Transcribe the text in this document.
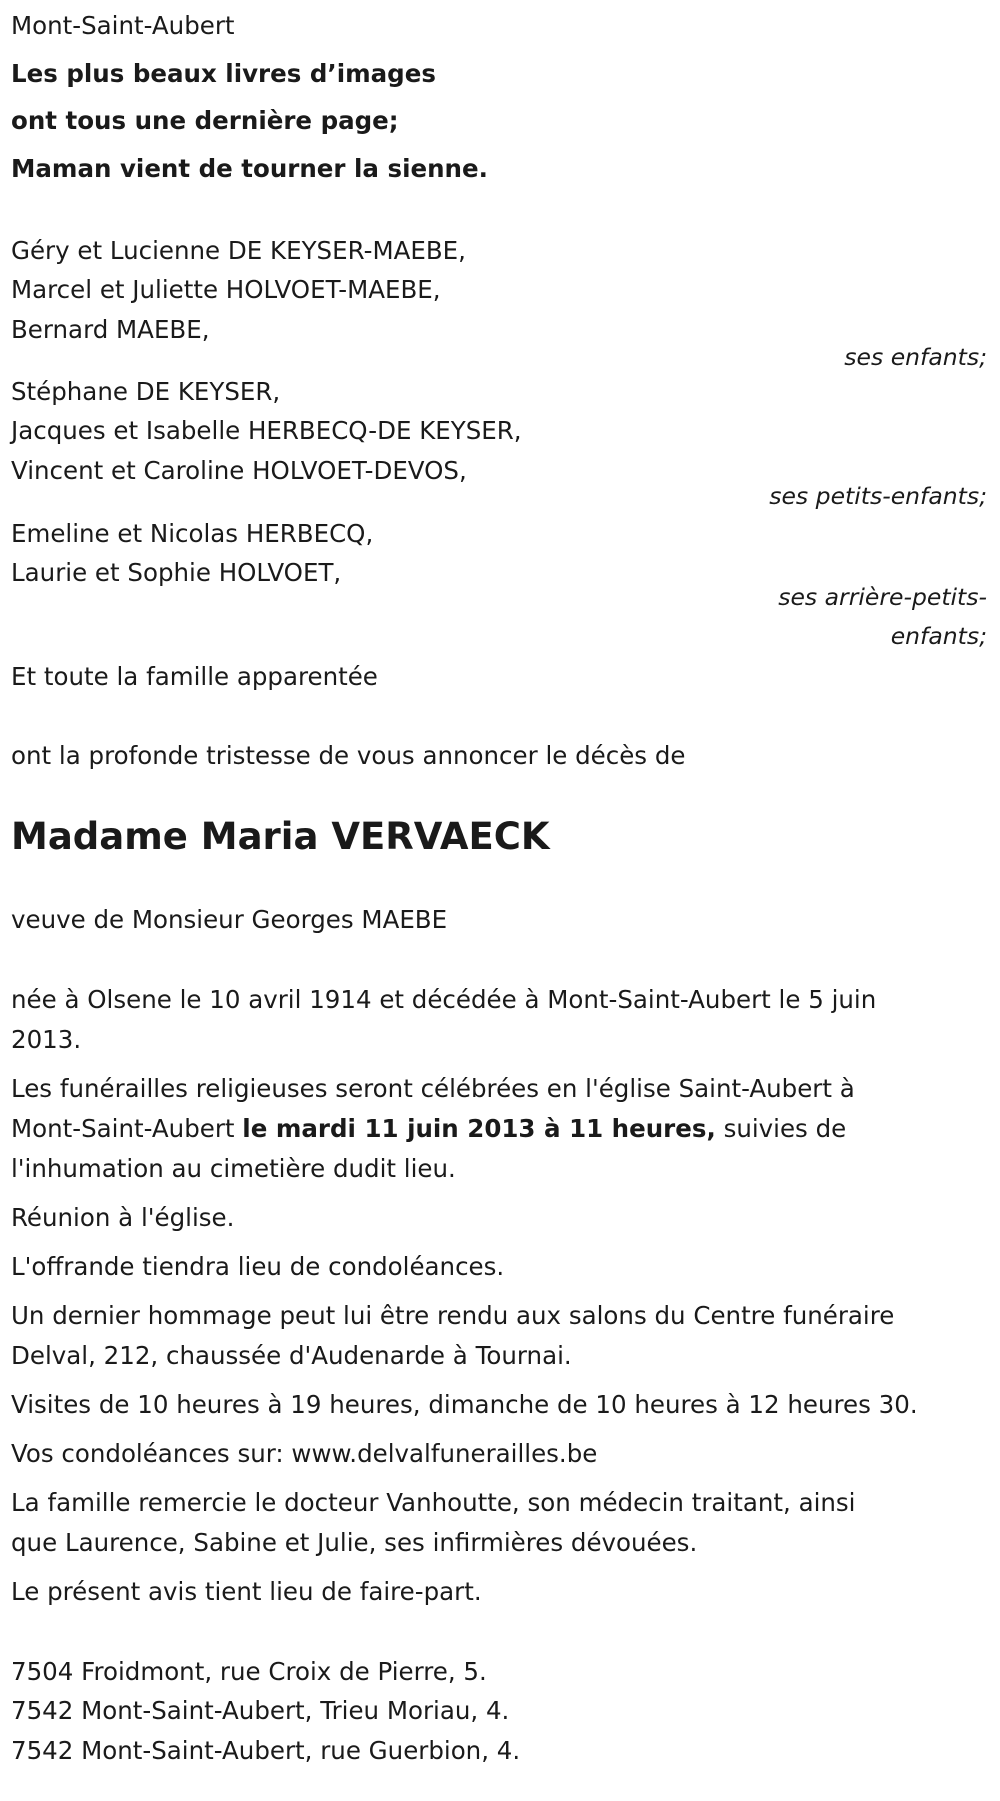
Mont-Saint-Aubert

Les plus beaux livres d’images

ont tous une dernière page;

Maman vient de tourner la sienne.

Géry et Lucienne DE KEYSER-MAEBE,

Marcel et Juliette HOLVOET-MAEBE,

Bernard MAEBE,

ses enfants;

Stéphane DE KEYSER,

Jacques et Isabelle HERBECQ-DE KEYSER,

Vincent et Caroline HOLVOET-DEVOS,

ses petits-enfants;

Emeline et Nicolas HERBECQ,

Laurie et Sophie HOLVOET,

ses arrière-petits-

enfants;

Et toute la famille apparentée

ont la profonde tristesse de vous annoncer le décès de

Madame Maria VERVAECK

veuve de Monsieur Georges MAEBE

née à Olsene le 10 avril 1914 et décédée à Mont-Saint-Aubert le 5 juin

2013.

Les funérailles religieuses seront célébrées en l'église Saint-Aubert à

Mont-Saint-Aubert le mardi 11 juin 2013 à 11 heures, suivies de

l'inhumation au cimetière dudit lieu.

Réunion à l'église.

L'offrande tiendra lieu de condoléances.

Un dernier hommage peut lui être rendu aux salons du Centre funéraire

Delval, 212, chaussée d'Audenarde à Tournai.

Visites de 10 heures à 19 heures, dimanche de 10 heures à 12 heures 30.

Vos condoléances sur: www.delvalfunerailles.be

La famille remercie le docteur Vanhoutte, son médecin traitant, ainsi

que Laurence, Sabine et Julie, ses infirmières dévouées.

Le présent avis tient lieu de faire-part.

7504 Froidmont, rue Croix de Pierre, 5.

7542 Mont-Saint-Aubert, Trieu Moriau, 4.

7542 Mont-Saint-Aubert, rue Guerbion, 4.
